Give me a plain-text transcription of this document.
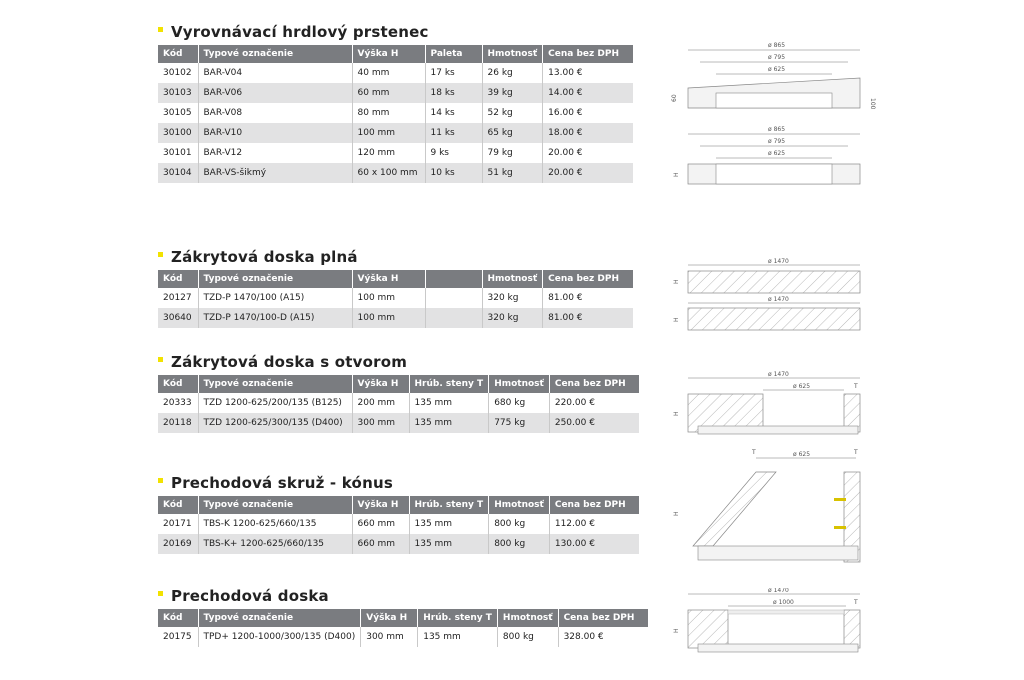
Vyrovnávací hrdlový prstenec
Kód	Typové označenie	Výška H	Paleta	Hmotnosť	Cena bez DPH
30102	BAR-V04	40 mm	17 ks	26 kg	13.00 €
30103	BAR-V06	60 mm	18 ks	39 kg	14.00 €
30105	BAR-V08	80 mm	14 ks	52 kg	16.00 €
30100	BAR-V10	100 mm	11 ks	65 kg	18.00 €
30101	BAR-V12	120 mm	9 ks	79 kg	20.00 €
30104	BAR-VS-šikmý	60 x 100 mm	10 ks	51 kg	20.00 €
Zákrytová doska plná
Kód	Typové označenie	Výška H		Hmotnosť	Cena bez DPH
20127	TZD-P 1470/100 (A15)	100 mm		320 kg	81.00 €
30640	TZD-P 1470/100-D (A15)	100 mm		320 kg	81.00 €
Zákrytová doska s otvorom
Kód	Typové označenie	Výška H	Hrúb. steny T	Hmotnosť	Cena bez DPH
20333	TZD 1200-625/200/135 (B125)	200 mm	135 mm	680 kg	220.00 €
20118	TZD 1200-625/300/135 (D400)	300 mm	135 mm	775 kg	250.00 €
Prechodová skruž - kónus
Kód	Typové označenie	Výška H	Hrúb. steny T	Hmotnosť	Cena bez DPH
20171	TBS-K 1200-625/660/135	660 mm	135 mm	800 kg	112.00 €
20169	TBS-K+ 1200-625/660/135	660 mm	135 mm	800 kg	130.00 €
Prechodová doska
Kód	Typové označenie	Výška H	Hrúb. steny T	Hmotnosť	Cena bez DPH
20175	TPD+ 1200-1000/300/135 (D400)	300 mm	135 mm	800 kg	328.00 €
ø 865
ø 795
ø 625
60	100
ø 865
ø 795
ø 625
H
ø 1470
H
ø 1470
H
ø 1470
ø 625	T
H
T	ø 625	T
H
ø 1470
ø 1000	T
H
